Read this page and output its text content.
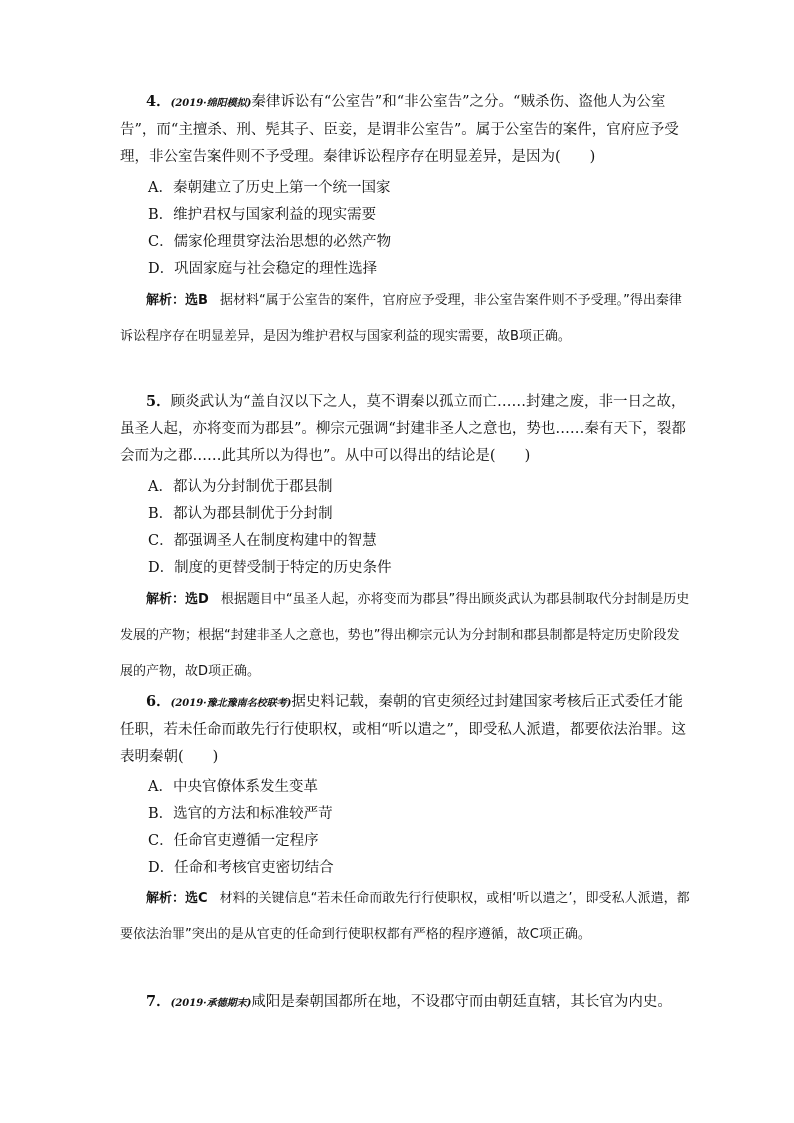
4．(2019·绵阳模拟)秦律诉讼有“公室告”和“非公室告”之分。“贼杀伤、盗他人为公室告”，而“主擅杀、刑、髡其子、臣妾，是谓非公室告”。属于公室告的案件，官府应予受理，非公室告案件则不予受理。秦律诉讼程序存在明显差异，是因为(　　)

A．秦朝建立了历史上第一个统一国家

B．维护君权与国家利益的现实需要

C．儒家伦理贯穿法治思想的必然产物

D．巩固家庭与社会稳定的理性选择

解析：选B 据材料“属于公室告的案件，官府应予受理，非公室告案件则不予受理。”得出秦律诉讼程序存在明显差异，是因为维护君权与国家利益的现实需要，故B项正确。

5．顾炎武认为“盖自汉以下之人，莫不谓秦以孤立而亡……封建之废，非一日之故，虽圣人起，亦将变而为郡县”。柳宗元强调“封建非圣人之意也，势也……秦有天下，裂都会而为之郡……此其所以为得也”。从中可以得出的结论是(　　)

A．都认为分封制优于郡县制

B．都认为郡县制优于分封制

C．都强调圣人在制度构建中的智慧

D．制度的更替受制于特定的历史条件

解析：选D 根据题目中“虽圣人起，亦将变而为郡县”得出顾炎武认为郡县制取代分封制是历史发展的产物；根据“封建非圣人之意也，势也”得出柳宗元认为分封制和郡县制都是特定历史阶段发展的产物，故D项正确。

6．(2019·豫北豫南名校联考)据史料记载，秦朝的官吏须经过封建国家考核后正式委任才能任职，若未任命而敢先行行使职权，或相“听以遣之”，即受私人派遣，都要依法治罪。这表明秦朝(　　)

A．中央官僚体系发生变革

B．选官的方法和标准较严苛

C．任命官吏遵循一定程序

D．任命和考核官吏密切结合

解析：选C 材料的关键信息“若未任命而敢先行行使职权，或相‘听以遣之’，即受私人派遣，都要依法治罪”突出的是从官吏的任命到行使职权都有严格的程序遵循，故C项正确。

7．(2019·承德期末)咸阳是秦朝国都所在地，不设郡守而由朝廷直辖，其长官为内史。
